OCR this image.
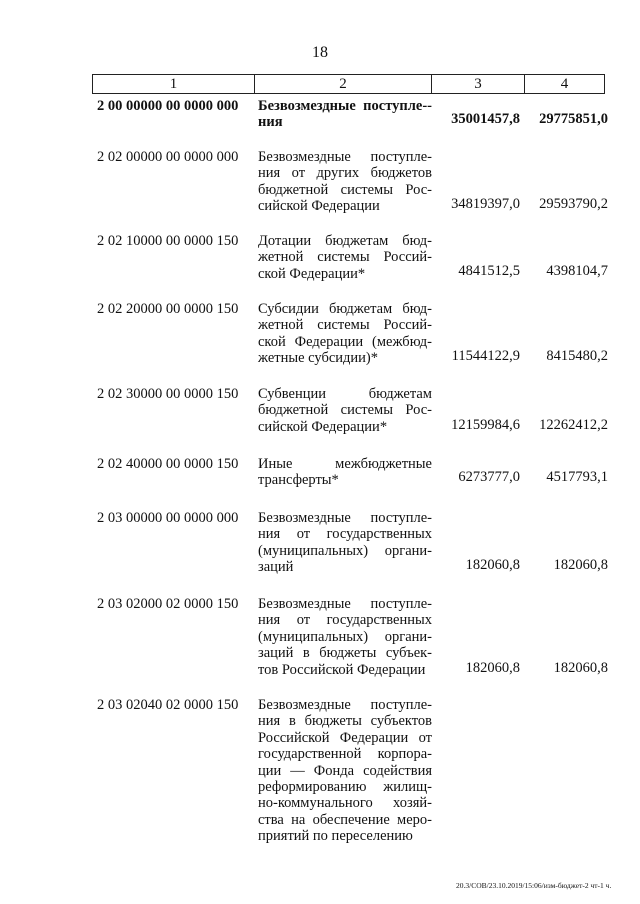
18
1	2	3	4
2 00 00000 00 0000 000	Безвозмездные поступле-ния	35001457,8 29775851,0
2 02 00000 00 0000 000	Безвозмездные поступле-ния от других бюджетов бюджетной системы Рос-сийской Федерации	34819397,0 29593790,2
2 02 10000 00 0000 150	Дотации бюджетам бюд-жетной системы Россий-ской Федерации*	4841512,5 4398104,7
2 02 20000 00 0000 150	Субсидии бюджетам бюд-жетной системы Россий-ской Федерации (межбюд-жетные субсидии)*	11544122,9 8415480,2
2 02 30000 00 0000 150	Субвенции бюджетам бюджетной системы Рос-сийской Федерации*	12159984,6 12262412,2
2 02 40000 00 0000 150	Иные межбюджетные трансферты*	6273777,0 4517793,1
2 03 00000 00 0000 000	Безвозмездные поступле-ния от государственных (муниципальных) органи-заций	182060,8 182060,8
2 03 02000 02 0000 150	Безвозмездные поступле-ния от государственных (муниципальных) органи-заций в бюджеты субъек-тов Российской Федерации	182060,8 182060,8
2 03 02040 02 0000 150	Безвозмездные поступле-ния в бюджеты субъектов Российской Федерации от государственной корпора-ции — Фонда содействия реформированию жилищ-но-коммунального хозяй-ства на обеспечение меро-приятий по переселению
20.3/СОВ/23.10.2019/15:06/изм-бюджет-2 чт-1 ч.
